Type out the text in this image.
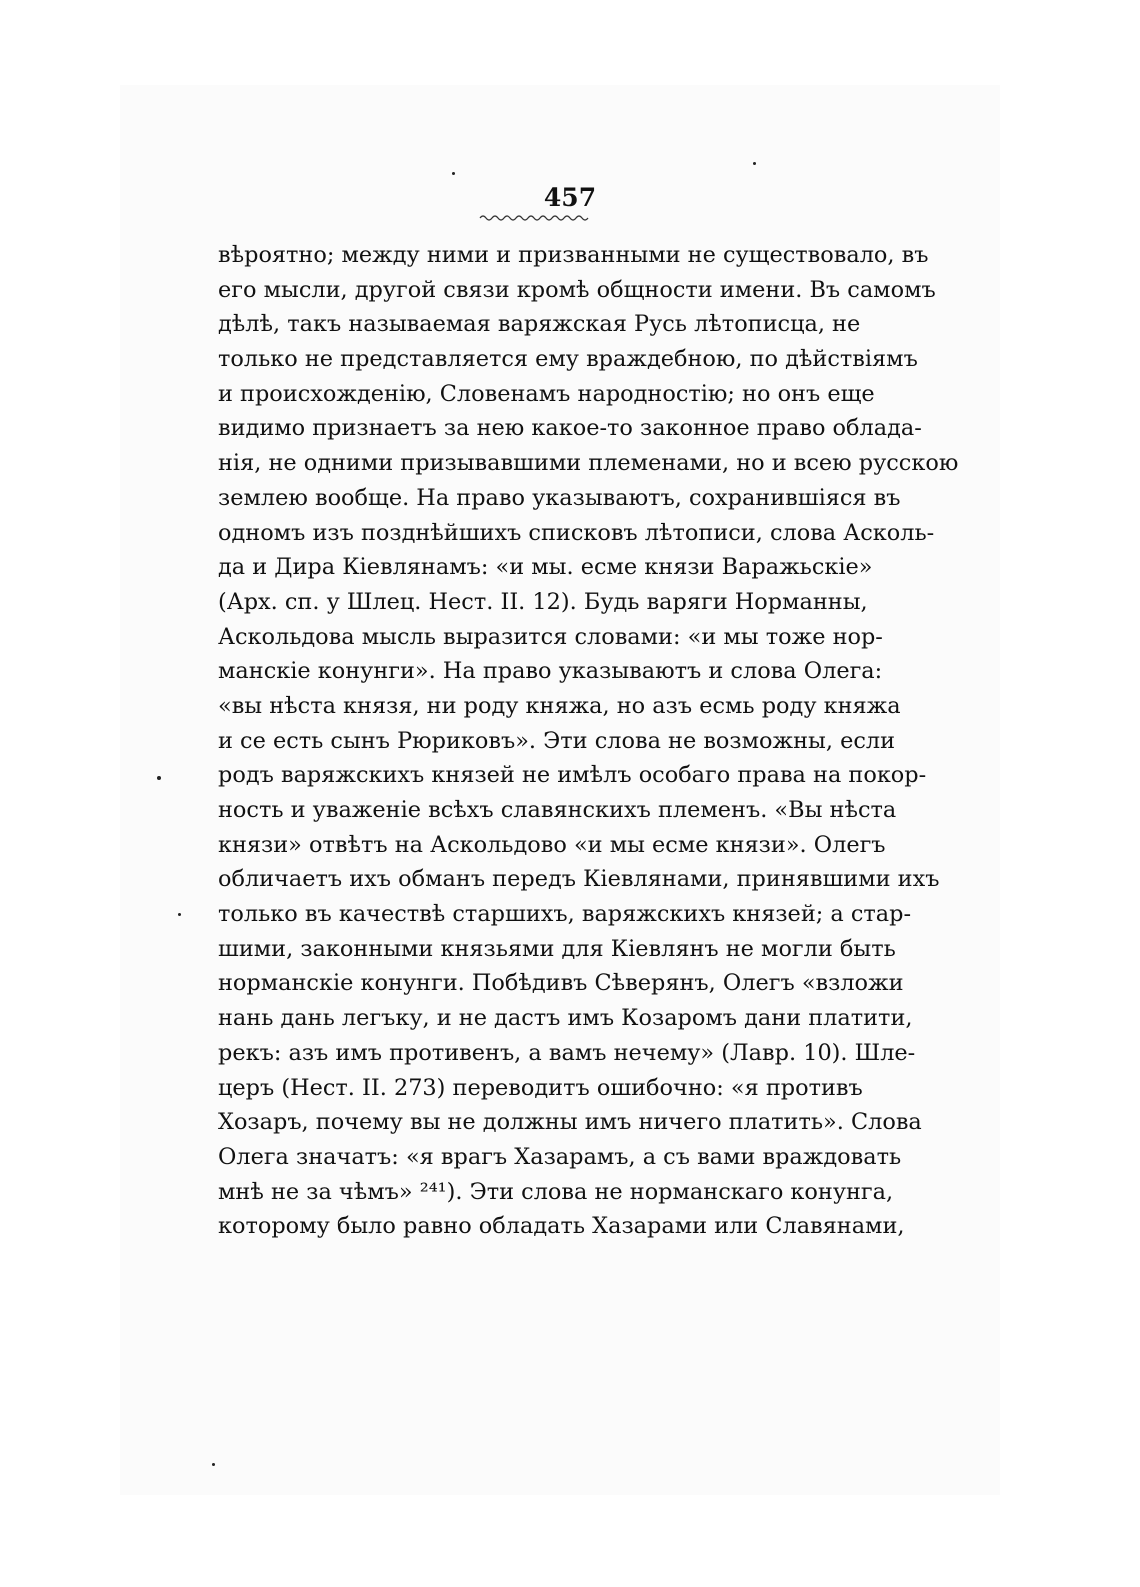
457
вѣроятно; между ними и призванными не существовало, въ
его мысли, другой связи кромѣ общности имени. Въ самомъ
дѣлѣ, такъ называемая варяжская Русь лѣтописца, не
только не представляется ему враждебною, по дѣйствiямъ
и происхожденiю, Словенамъ народностiю; но онъ еще
видимо признаетъ за нею какое-то законное право облада-
нiя, не одними призывавшими племенами, но и всею русскою
землею вообще. На право указываютъ, сохранившiяся въ
одномъ изъ позднѣйшихъ списковъ лѣтописи, слова Асколь-
да и Дира Кiевлянамъ: «и мы. есме князи Варажьскiе»
(Арх. сп. у Шлец. Нест. II. 12). Будь варяги Норманны,
Аскольдова мысль выразится словами: «и мы тоже нор-
манскiе конунги». На право указываютъ и слова Олега:
«вы нѣста князя, ни роду княжа, но азъ есмь роду княжа
и се есть сынъ Рюриковъ». Эти слова не возможны, если
родъ варяжскихъ князей не имѣлъ особаго права на покор-
ность и уваженiе всѣхъ славянскихъ племенъ. «Вы нѣста
князи» отвѣтъ на Аскольдово «и мы есме князи». Олегъ
обличаетъ ихъ обманъ передъ Кiевлянами, принявшими ихъ
только въ качествѣ старшихъ, варяжскихъ князей; а стар-
шими, законными князьями для Кiевлянъ не могли быть
норманскiе конунги. Побѣдивъ Сѣверянъ, Олегъ «взложи
нань дань легъку, и не дастъ имъ Козаромъ дани платити,
рекъ: азъ имъ противенъ, а вамъ нечему» (Лавр. 10). Шле-
церъ (Нест. II. 273) переводитъ ошибочно: «я противъ
Хозаръ, почему вы не должны имъ ничего платить». Слова
Олега значатъ: «я врагъ Хазарамъ, а съ вами враждовать
мнѣ не за чѣмъ» ²⁴¹). Эти слова не норманскаго конунга,
которому было равно обладать Хазарами или Славянами,
